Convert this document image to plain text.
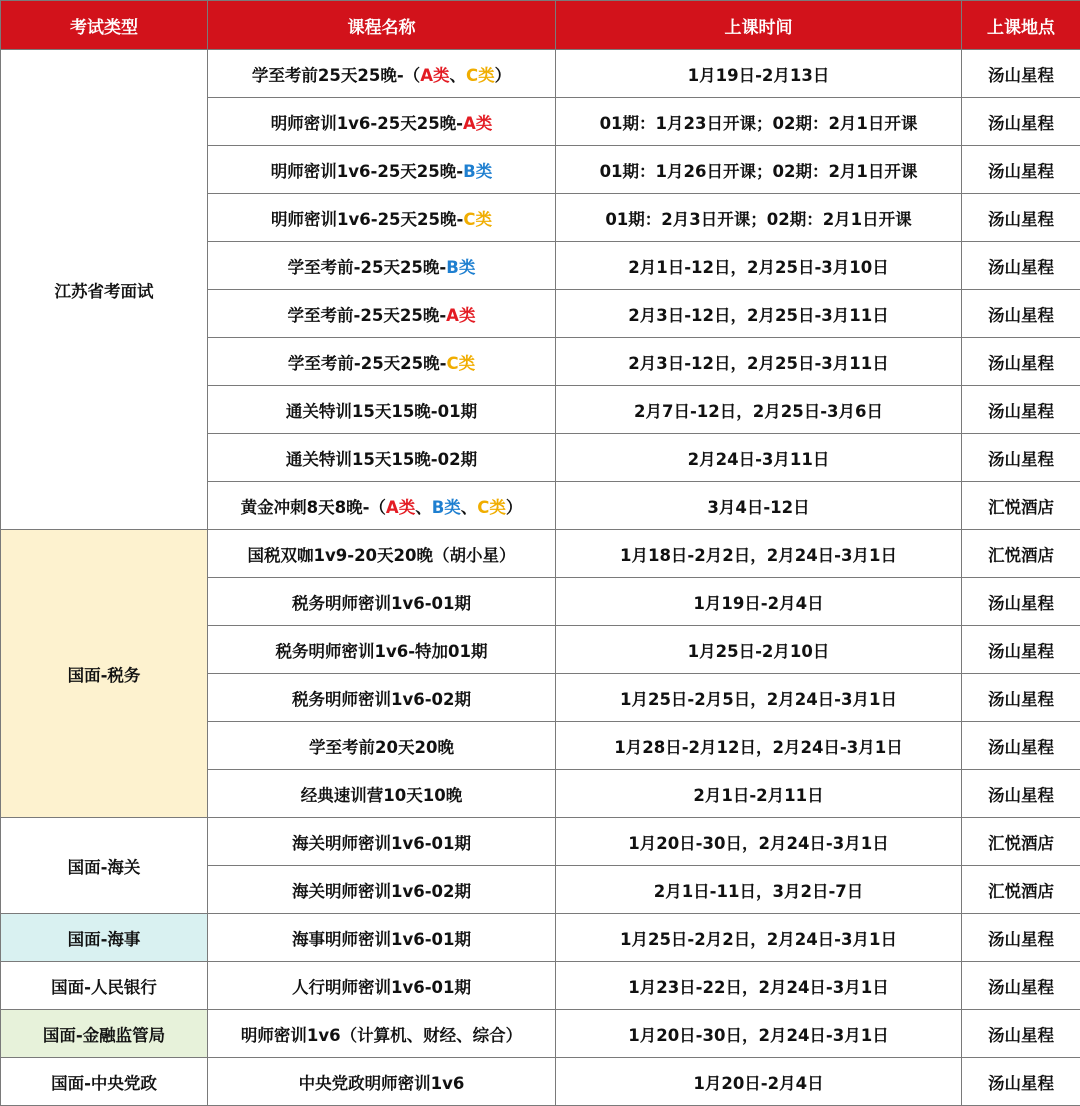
考试类型	课程名称	上课时间	上课地点
江苏省考面试	学至考前25天25晚-（A类、C类）	1月19日-2月13日	汤山星程
	明师密训1v6-25天25晚-A类	01期：1月23日开课；02期：2月1日开课	汤山星程
	明师密训1v6-25天25晚-B类	01期：1月26日开课；02期：2月1日开课	汤山星程
	明师密训1v6-25天25晚-C类	01期：2月3日开课；02期：2月1日开课	汤山星程
	学至考前-25天25晚-B类	2月1日-12日，2月25日-3月10日	汤山星程
	学至考前-25天25晚-A类	2月3日-12日，2月25日-3月11日	汤山星程
	学至考前-25天25晚-C类	2月3日-12日，2月25日-3月11日	汤山星程
	通关特训15天15晚-01期	2月7日-12日，2月25日-3月6日	汤山星程
	通关特训15天15晚-02期	2月24日-3月11日	汤山星程
	黄金冲刺8天8晚-（A类、B类、C类）	3月4日-12日	汇悦酒店
国面-税务	国税双咖1v9-20天20晚（胡小星）	1月18日-2月2日，2月24日-3月1日	汇悦酒店
	税务明师密训1v6-01期	1月19日-2月4日	汤山星程
	税务明师密训1v6-特加01期	1月25日-2月10日	汤山星程
	税务明师密训1v6-02期	1月25日-2月5日，2月24日-3月1日	汤山星程
	学至考前20天20晚	1月28日-2月12日，2月24日-3月1日	汤山星程
	经典速训营10天10晚	2月1日-2月11日	汤山星程
国面-海关	海关明师密训1v6-01期	1月20日-30日，2月24日-3月1日	汇悦酒店
	海关明师密训1v6-02期	2月1日-11日，3月2日-7日	汇悦酒店
国面-海事	海事明师密训1v6-01期	1月25日-2月2日，2月24日-3月1日	汤山星程
国面-人民银行	人行明师密训1v6-01期	1月23日-22日，2月24日-3月1日	汤山星程
国面-金融监管局	明师密训1v6（计算机、财经、综合）	1月20日-30日，2月24日-3月1日	汤山星程
国面-中央党政	中央党政明师密训1v6	1月20日-2月4日	汤山星程
